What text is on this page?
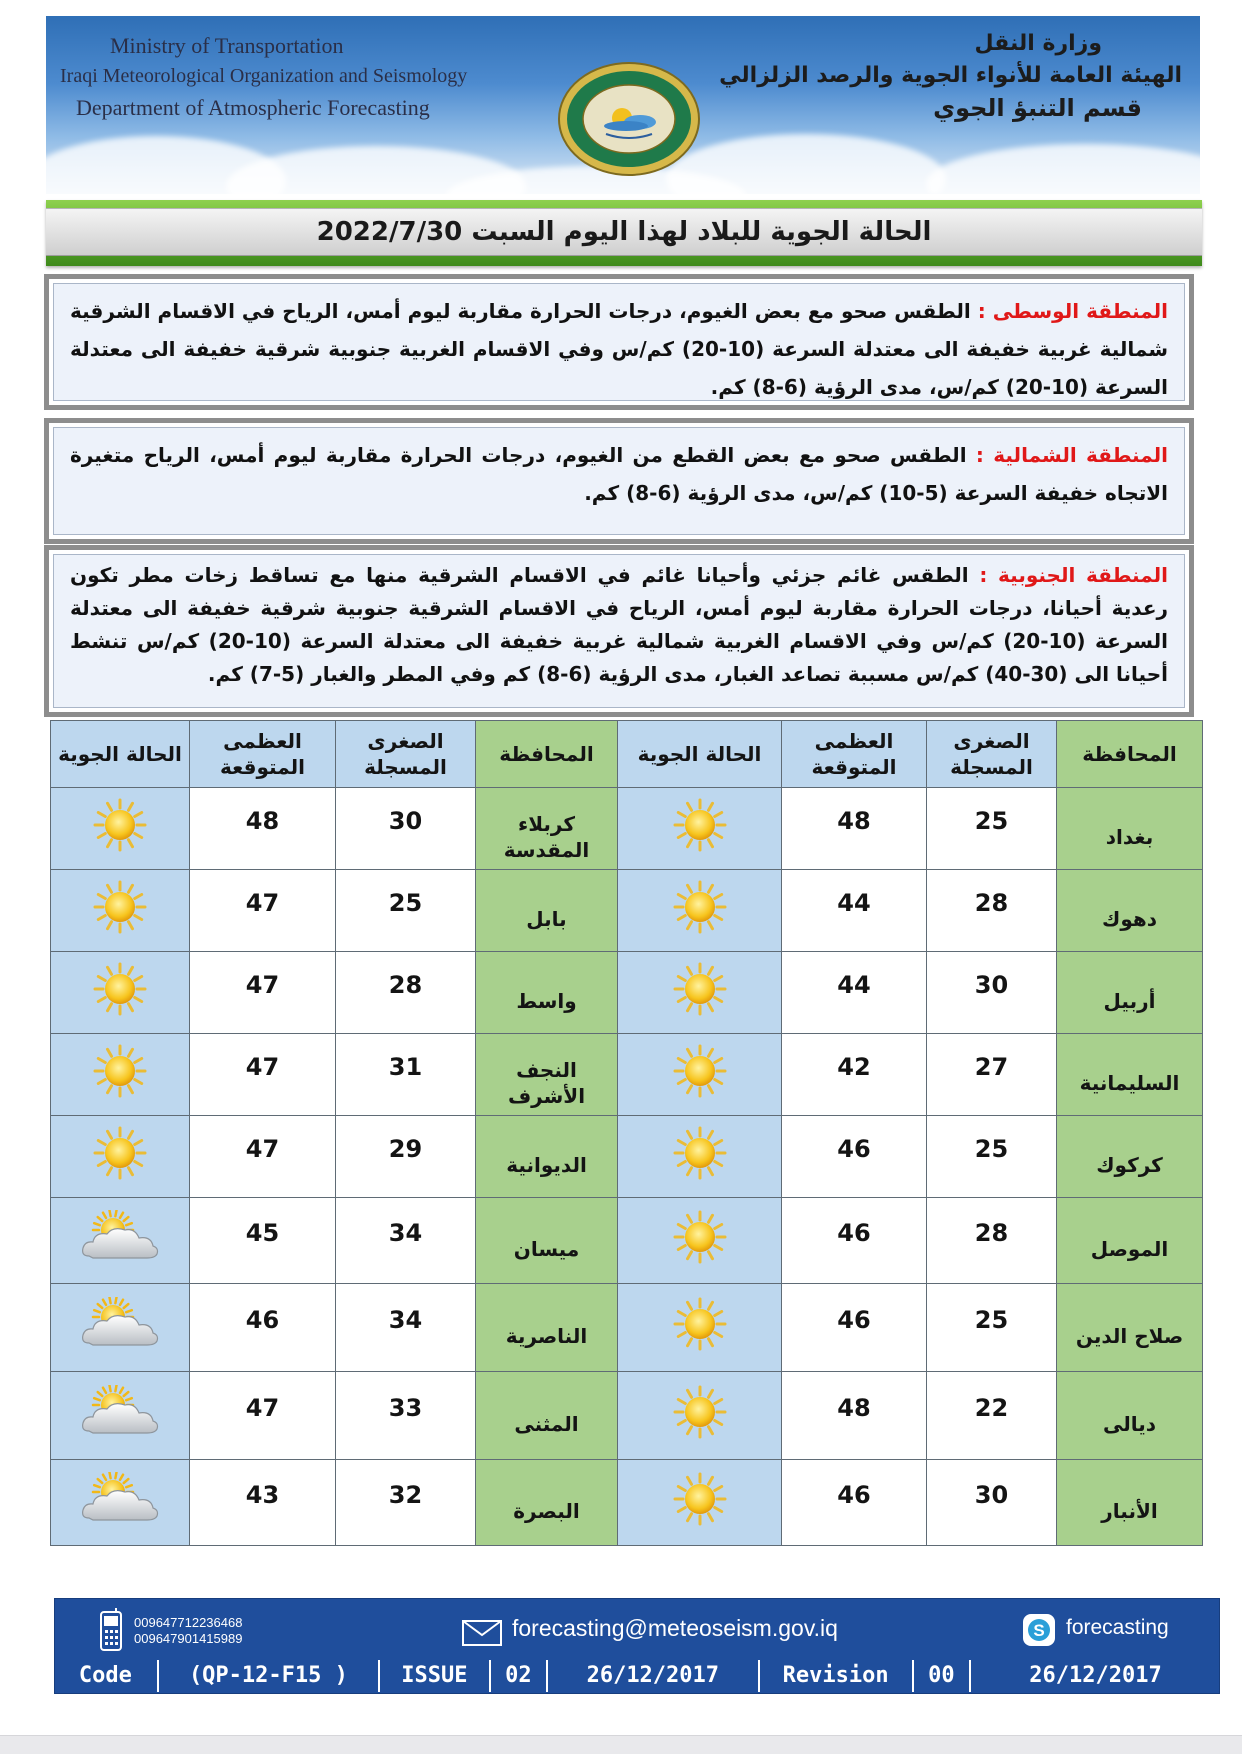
Ministry of Transportation
Iraqi Meteorological Organization and Seismology
Department of Atmospheric Forecasting
وزارة النقل
الهيئة العامة للأنواء الجوية والرصد الزلزالي
قسم التنبؤ الجوي
الحالة الجوية للبلاد لهذا اليوم السبت 2022/7/30
المنطقة الوسطى : الطقس صحو مع بعض الغيوم، درجات الحرارة مقاربة ليوم أمس، الرياح في الاقسام الشرقية شمالية غربية خفيفة الى معتدلة السرعة (10-20) كم/س وفي الاقسام الغربية جنوبية شرقية خفيفة الى معتدلة السرعة (10-20) كم/س، مدى الرؤية (6-8) كم.
المنطقة الشمالية : الطقس صحو مع بعض القطع من الغيوم، درجات الحرارة مقاربة ليوم أمس، الرياح متغيرة الاتجاه خفيفة السرعة (5-10) كم/س، مدى الرؤية (6-8) كم.
المنطقة الجنوبية : الطقس غائم جزئي وأحيانا غائم في الاقسام الشرقية منها مع تساقط زخات مطر تكون رعدية أحيانا، درجات الحرارة مقاربة ليوم أمس، الرياح في الاقسام الشرقية جنوبية شرقية خفيفة الى معتدلة السرعة (10-20) كم/س وفي الاقسام الغربية شمالية غربية خفيفة الى معتدلة السرعة (10-20) كم/س تنشط أحيانا الى (30-40) كم/س مسببة تصاعد الغبار، مدى الرؤية (6-8) كم وفي المطر والغبار (5-7) كم.
المحافظة	الصغرى المسجلة	العظمى المتوقعة	الحالة الجوية	المحافظة	الصغرى المسجلة	العظمى المتوقعة	الحالة الجوية
بغداد	25	48		كربلاء المقدسة	30	48	

دهوك	28	44		بابل	25	47	

أربيل	30	44		واسط	28	47	

السليمانية	27	42		النجف الأشرف	31	47	

كركوك	25	46		الديوانية	29	47	

الموصل	28	46		ميسان	34	45	

صلاح الدين	25	46		الناصرية	34	46	

ديالى	22	48		المثنى	33	47	

الأنبار	30	46		البصرة	32	43	
009647712236468
009647901415989	forecasting@meteoseism.gov.iq	S forecasting
Code	(QP-12-F15 )	ISSUE	02	26/12/2017	Revision	00	26/12/2017
